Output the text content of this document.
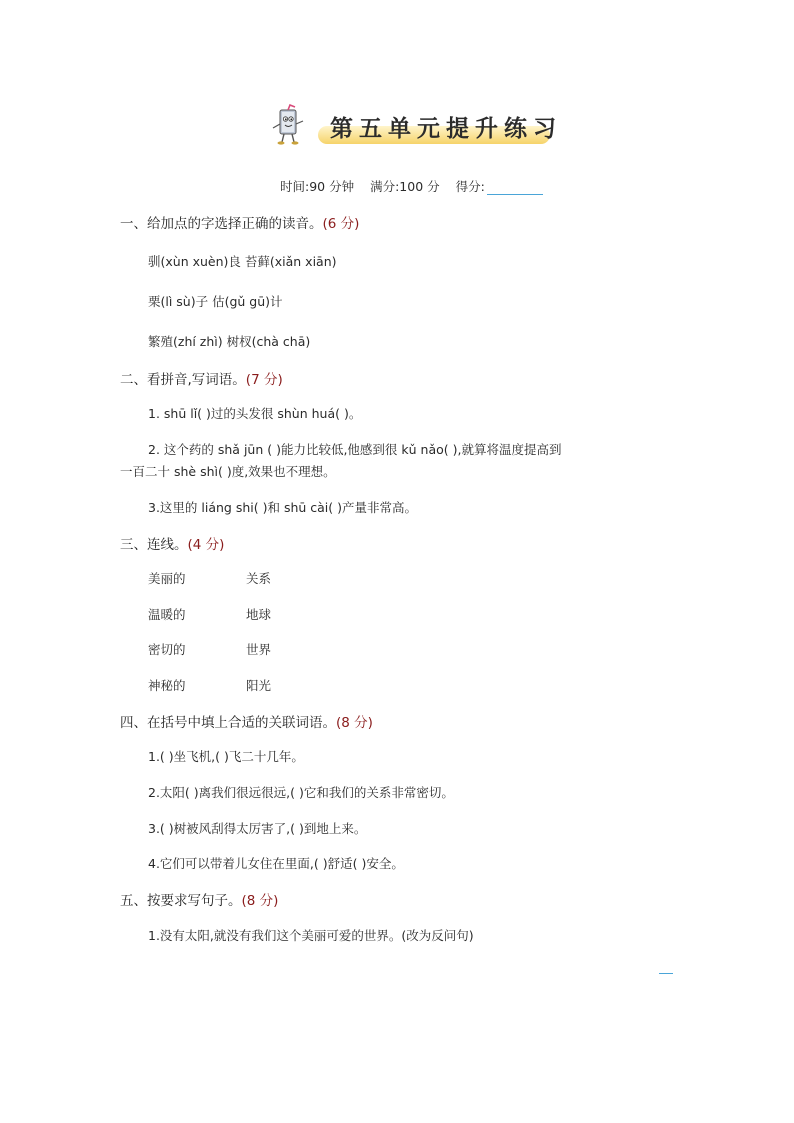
第五单元提升练习
时间:90 分钟 满分:100 分 得分:
一、给加点的字选择正确的读音。(6 分)
驯(xùn xuèn)良 苔藓(xiǎn xiān)
栗(lì sù)子 估(gǔ gū)计
繁殖(zhí zhì) 树杈(chà chā)
二、看拼音,写词语。(7 分)
1. shū lǐ( )过的头发很 shùn huá( )。
2. 这个药的 shǎ jūn ( )能力比较低,他感到很 kǔ nǎo( ),就算将温度提高到
一百二十 shè shì( )度,效果也不理想。
3.这里的 liáng shi( )和 shū cài( )产量非常高。
三、连线。(4 分)
美丽的	关系
温暖的	地球
密切的	世界
神秘的	阳光
四、在括号中填上合适的关联词语。(8 分)
1.( )坐飞机,( )飞二十几年。
2.太阳( )离我们很远很远,( )它和我们的关系非常密切。
3.( )树被风刮得太厉害了,( )到地上来。
4.它们可以带着儿女住在里面,( )舒适( )安全。
五、按要求写句子。(8 分)
1.没有太阳,就没有我们这个美丽可爱的世界。(改为反问句)
